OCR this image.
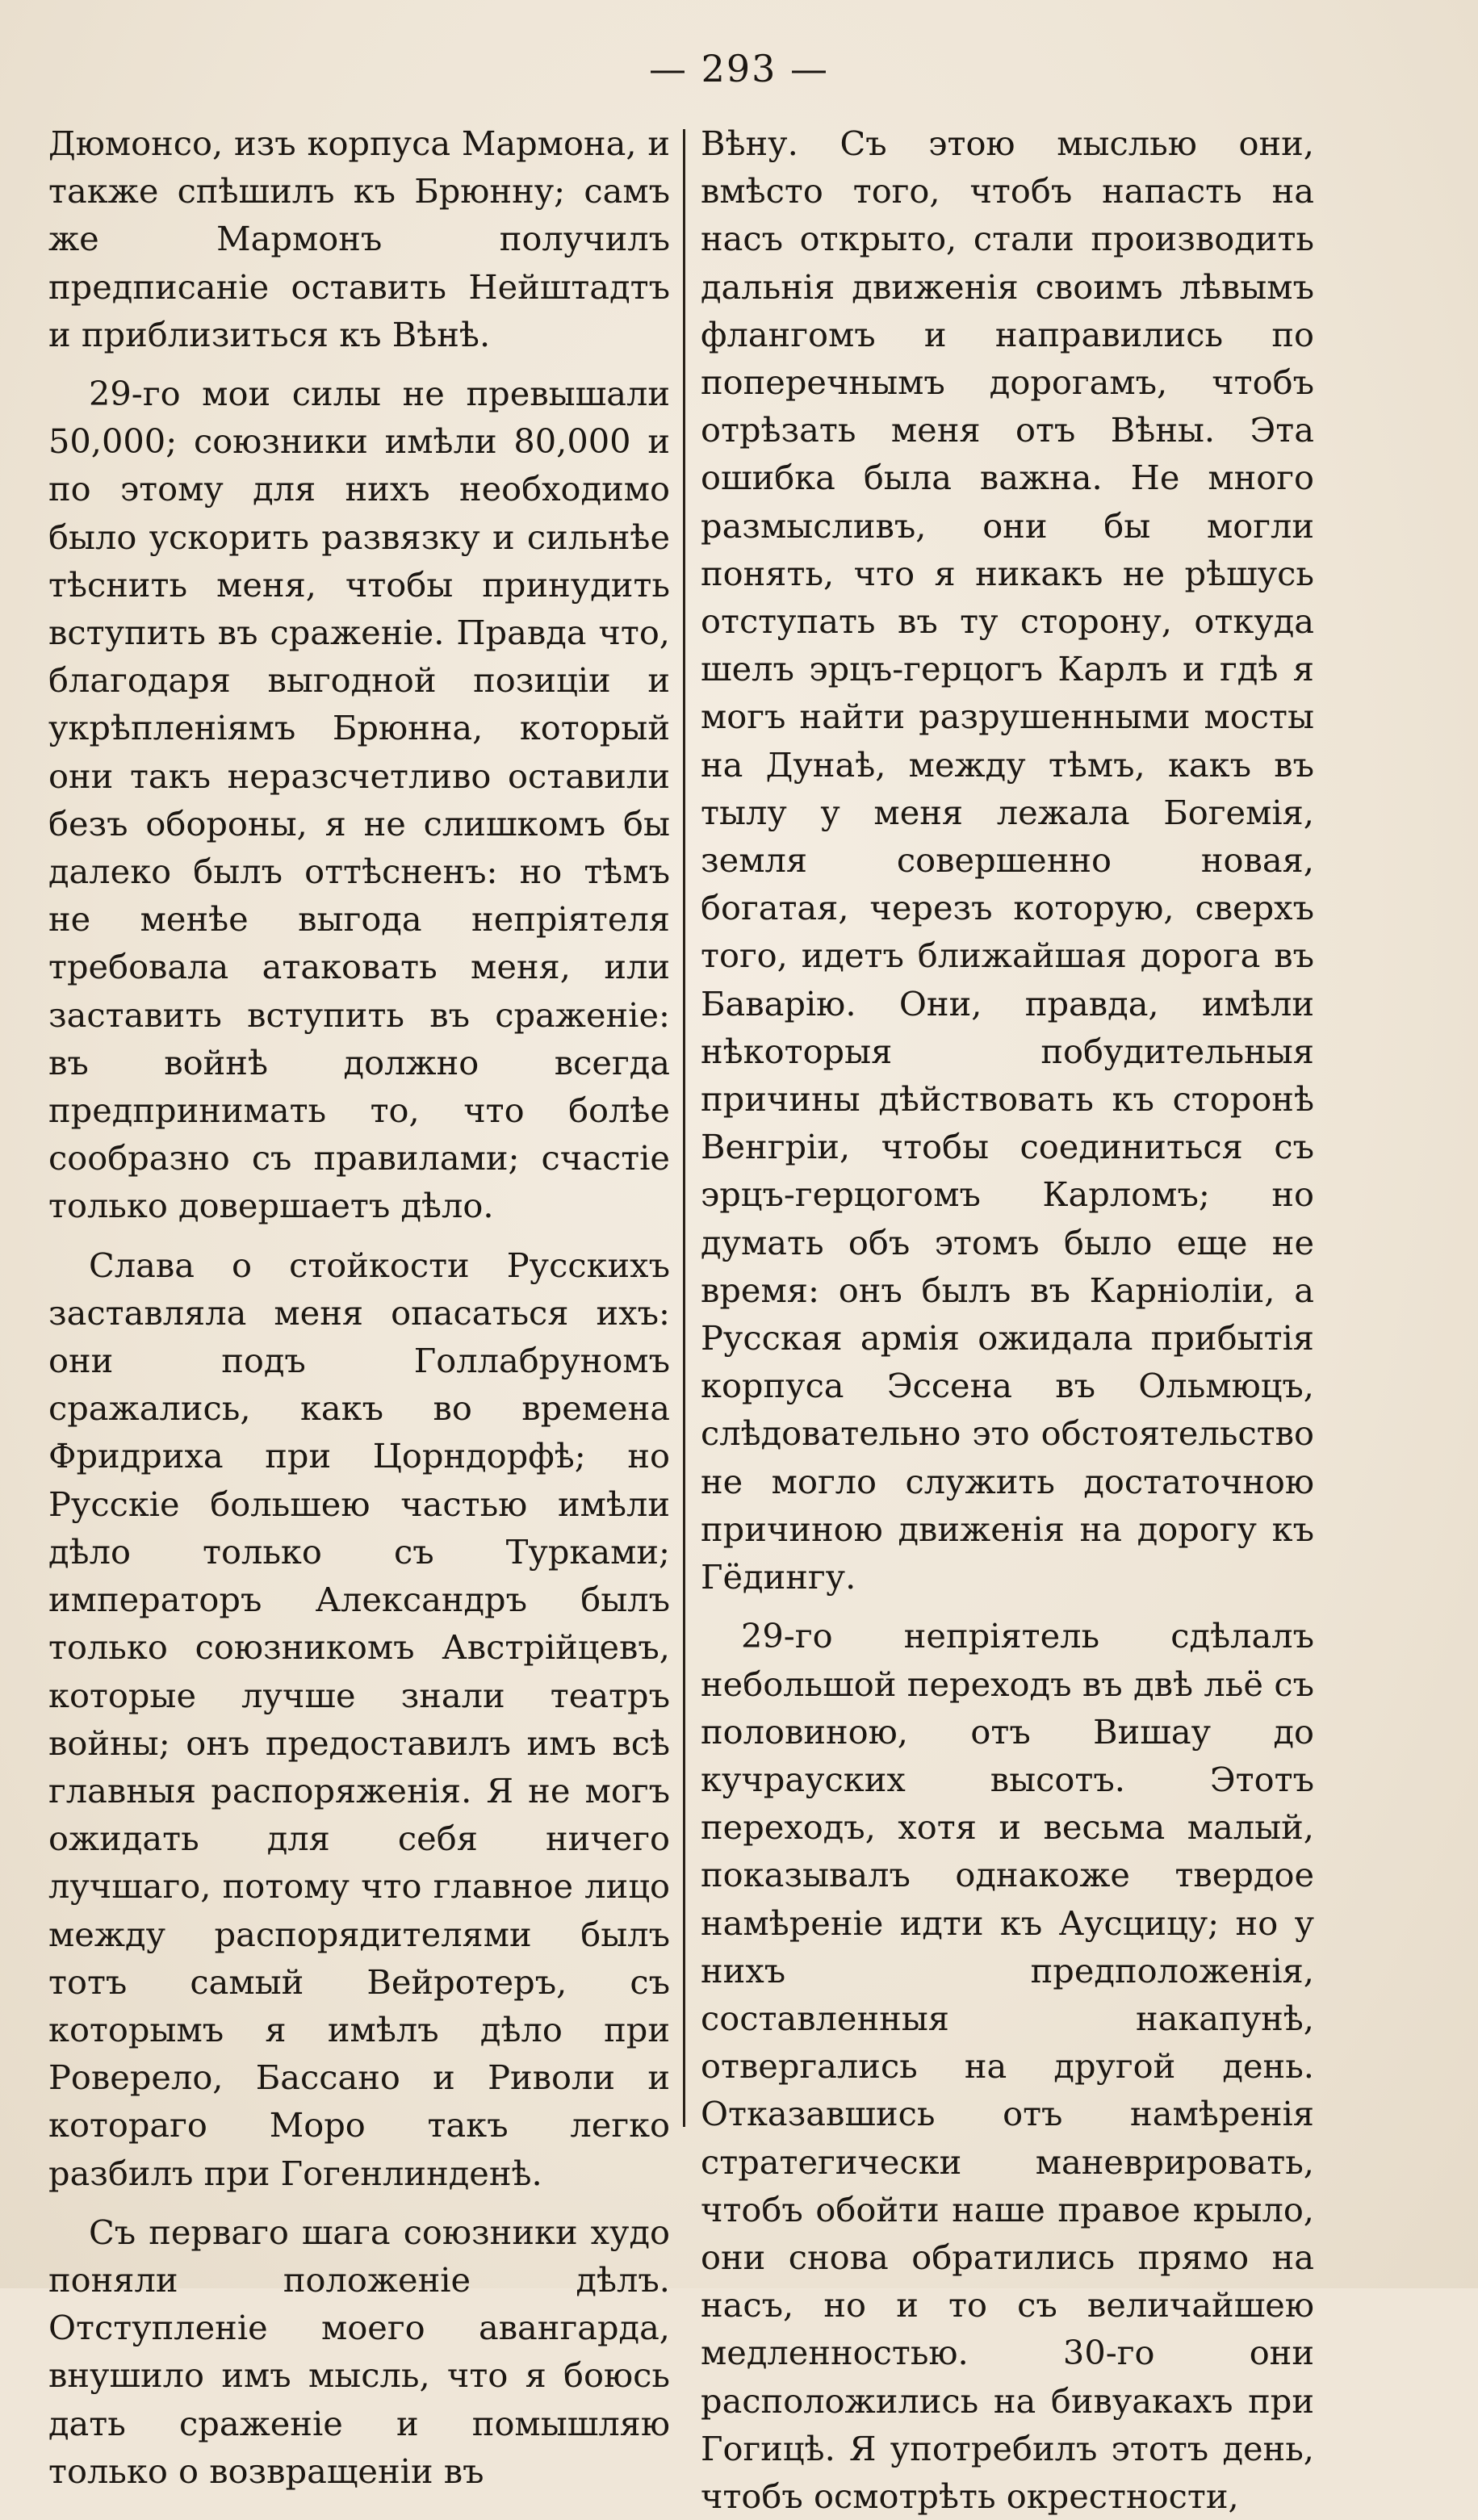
— 293 —

Дюмонсо, изъ корпуса Мармона, и также спѣшилъ къ Брюнну; самъ же Мармонъ получилъ предписаніе оставить Нейштадтъ и приблизиться къ Вѣнѣ.

29-го мои силы не превышали 50,000; союзники имѣли 80,000 и по этому для нихъ необходимо было ускорить развязку и сильнѣе тѣснить меня, чтобы принудить вступить въ сраженіе. Правда что, благодаря выгодной позиціи и укрѣпленіямъ Брюнна, который они такъ неразсчетливо оставили безъ обороны, я не слишкомъ бы далеко былъ оттѣсненъ: но тѣмъ не менѣе выгода непріятеля требовала атаковать меня, или заставить вступить въ сраженіе: въ войнѣ должно всегда предпринимать то, что болѣе сообразно съ правилами; счастіе только довершаетъ дѣло.

Слава о стойкости Русскихъ заставляла меня опасаться ихъ: они подъ Голлабруномъ сражались, какъ во времена Фридриха при Цорндорфѣ; но Русскіе большею частью имѣли дѣло только съ Турками; императоръ Александръ былъ только союзникомъ Австрійцевъ, которые лучше знали театръ войны; онъ предоставилъ имъ всѣ главныя распоряженія. Я не могъ ожидать для себя ничего лучшаго, потому что главное лицо между распорядителями былъ тотъ самый Вейротеръ, съ которымъ я имѣлъ дѣло при Роверело, Бассано и Риволи и котораго Моро такъ легко разбилъ при Гогенлинденѣ.

Съ перваго шага союзники худо поняли положеніе дѣлъ. Отступленіе моего авангарда, внушило имъ мысль, что я боюсь дать сраженіе и помышляю только о возвращеніи въ

Вѣну. Съ этою мыслью они, вмѣсто того, чтобъ напасть на насъ открыто, стали производить дальнія движенія своимъ лѣвымъ флангомъ и направились по поперечнымъ дорогамъ, чтобъ отрѣзать меня отъ Вѣны. Эта ошибка была важна. Не много размысливъ, они бы могли понять, что я никакъ не рѣшусь отступать въ ту сторону, откуда шелъ эрцъ-герцогъ Карлъ и гдѣ я могъ найти разрушенными мосты на Дунаѣ, между тѣмъ, какъ въ тылу у меня лежала Богемія, земля совершенно новая, богатая, черезъ которую, сверхъ того, идетъ ближайшая дорога въ Баварію. Они, правда, имѣли нѣкоторыя побудительныя причины дѣйствовать къ сторонѣ Венгріи, чтобы соединиться съ эрцъ-герцогомъ Карломъ; но думать объ этомъ было еще не время: онъ былъ въ Карніоліи, а Русская армія ожидала прибытія корпуса Эссена въ Ольмюцъ, слѣдовательно это обстоятельство не могло служить достаточною причиною движенія на дорогу къ Гёдингу.

29-го непріятель сдѣлалъ небольшой переходъ въ двѣ льё съ половиною, отъ Вишау до кучрауских высотъ. Этотъ переходъ, хотя и весьма малый, показывалъ однакоже твердое намѣреніе идти къ Аусцицу; но у нихъ предположенія, составленныя накапунѣ, отвергались на другой день. Отказавшись отъ намѣренія стратегически маневрировать, чтобъ обойти наше правое крыло, они снова обратились прямо на насъ, но и то съ величайшею медленностью. 30-го они расположились на бивуакахъ при Гогицѣ. Я употребилъ этотъ день, чтобъ осмотрѣть окрестности,
